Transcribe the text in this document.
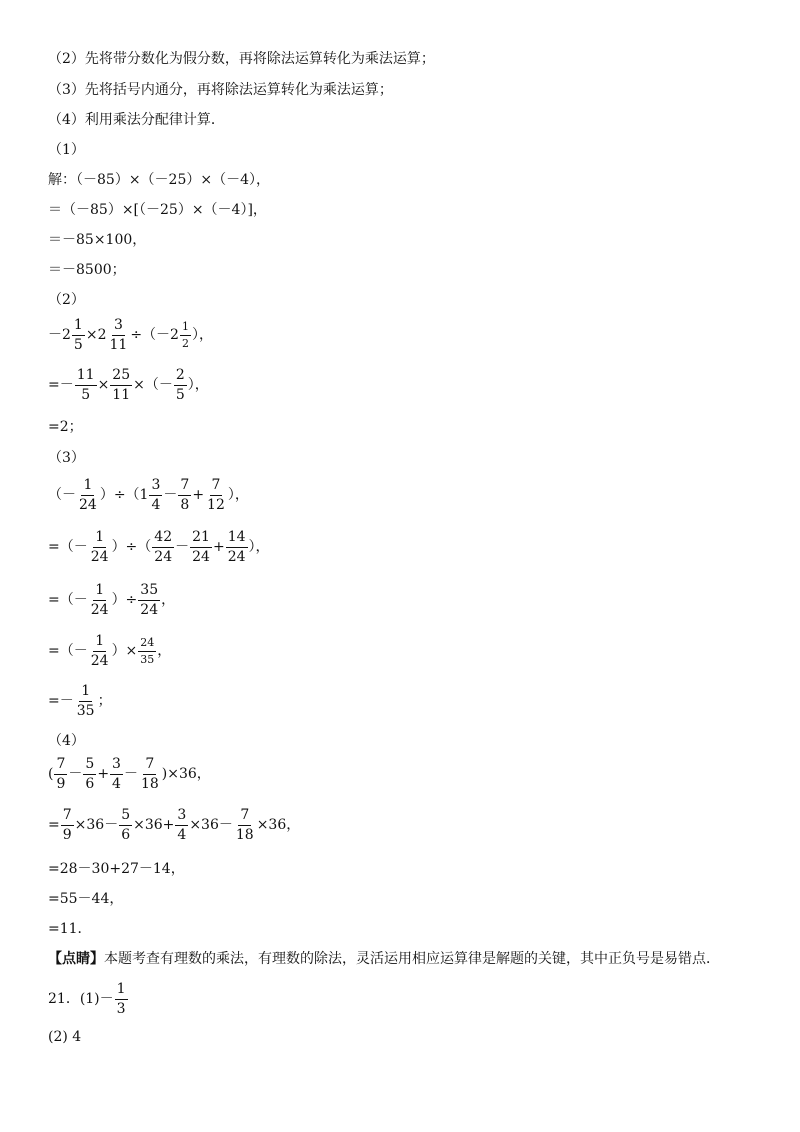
（2）先将带分数化为假分数，再将除法运算转化为乘法运算；
（3）先将括号内通分，再将除法运算转化为乘法运算；
（4）利用乘法分配律计算．
（1）
解：（－85）×（－25）×（－4），
＝（－85）×[（－25）×（－4）]，
＝－85×100，
＝－8500；
（2）
$-2 \frac{1}{5} \times 2 \frac{3}{11} \div(-2 \frac{1}{2}$ ），
=－ $\frac{11}{5} \times \frac{25}{11}$ ×（－ $\frac{2}{5}$ ），
=2；
（3）
（－ $\frac{1}{24} )\div(1 \frac{3}{4} - \frac{7}{8} + \frac{7}{12}$ ），
=（－ $\frac{1}{24}$ ）÷（ $\frac{42}{24} - \frac{21}{24} + \frac{14}{24}$ ），
=（－ $\frac{1}{24}$ ）÷ $\frac{35}{24}$ ，
=（－ $\frac{1}{24}$ ）× $\frac{24}{35}$ ，
=－ $\frac{1}{35}$ ；
（4）
( $\frac{7}{9} - \frac{5}{6} + \frac{3}{4} - \frac{7}{18} )\times 36$，
= $\frac{7}{9} \times 36- \frac{5}{6} \times 36+ \frac{3}{4} \times 36- \frac{7}{18} \times 36$，
=28－30+27－14，
=55－44，
=11．
【点睛】 本题考查有理数的乘法，有理数的除法，灵活运用相应运算律是解题的关键，其中正负号是易错点．
21．$(1)- \frac{1}{3}$
(2) 4
